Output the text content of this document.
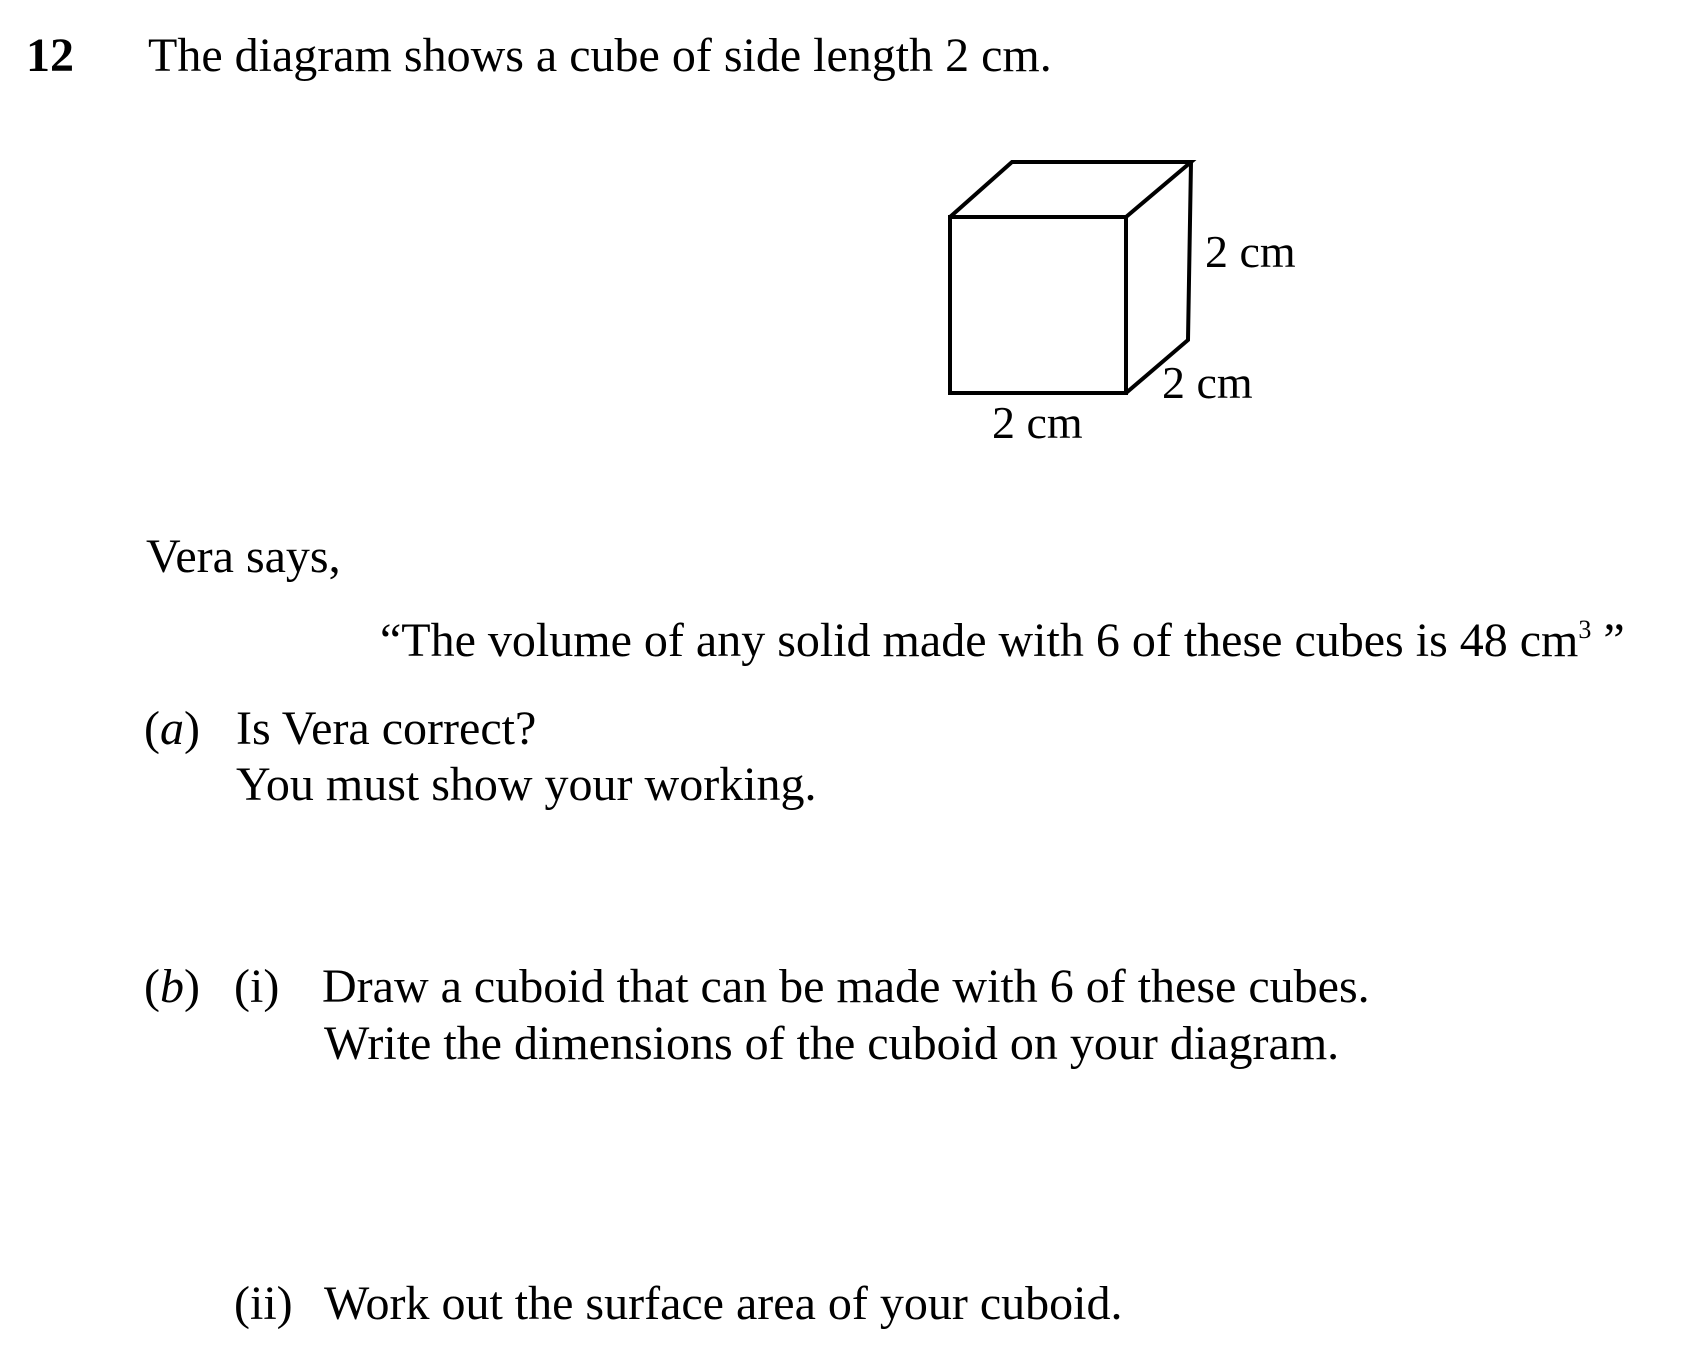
12 The diagram shows a cube of side length 2 cm.
2 cm
2 cm
2 cm
Vera says,
“The volume of any solid made with 6 of these cubes is 48 $cm^3$ ”
(a) Is Vera correct?
You must show your working.
(b) (i) Draw a cuboid that can be made with 6 of these cubes.
Write the dimensions of the cuboid on your diagram.
(ii) Work out the surface area of your cuboid.
